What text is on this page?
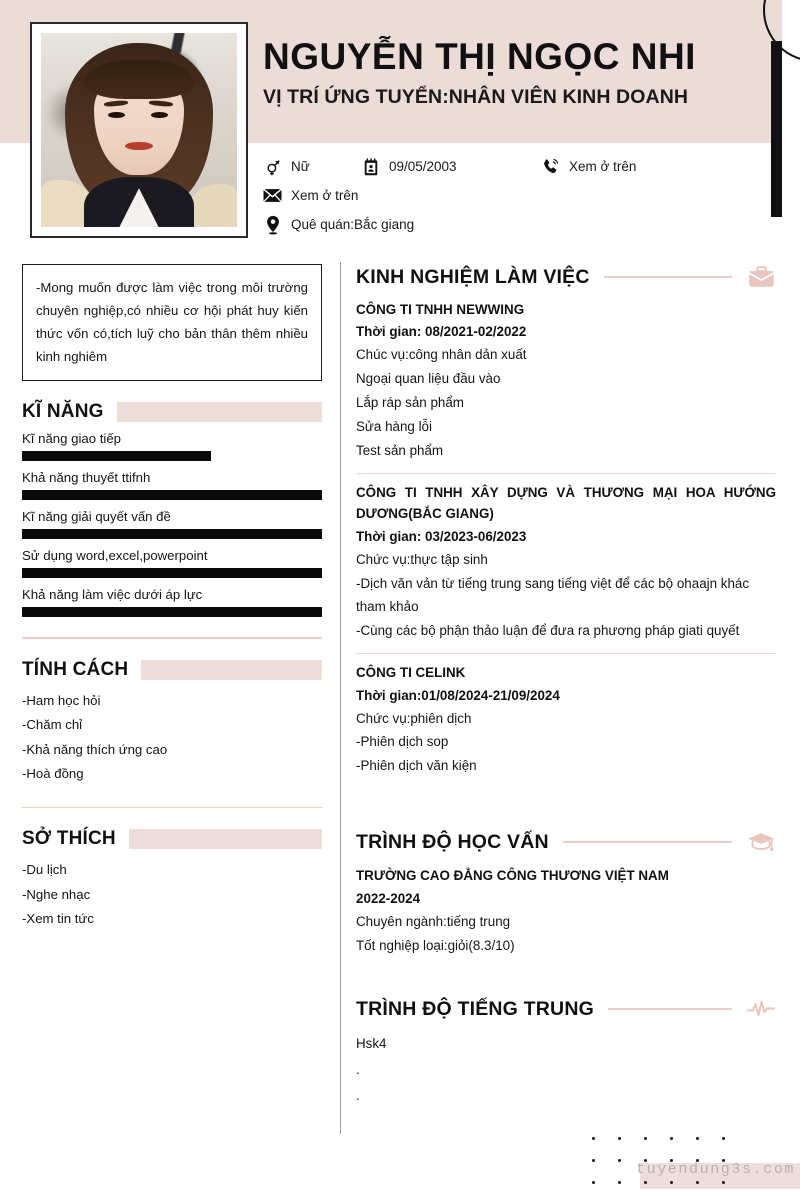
NGUYỄN THỊ NGỌC NHI
VỊ TRÍ ỨNG TUYỂN:NHÂN VIÊN KINH DOANH
Nữ	09/05/2003	Xem ở trên
Xem ở trên
Quê quán:Bắc giang
-Mong muốn được làm việc trong môi trường chuyên nghiệp,có nhiều cơ hội phát huy kiến thức vốn có,tích luỹ cho bản thân thêm nhiều kinh nghiêm
KĨ NĂNG
Kĩ năng giao tiếp
Khả năng thuyết ttifnh
Kĩ năng giải quyết vấn đề
Sử dụng word,excel,powerpoint
Khả năng làm việc dưới áp lực
TÍNH CÁCH
-Ham học hỏi
-Chăm chỉ
-Khả năng thích ứng cao
-Hoà đồng
SỞ THÍCH
-Du lịch
-Nghe nhạc
-Xem tin tức
KINH NGHIỆM LÀM VIỆC
CÔNG TI TNHH NEWWING
Thời gian: 08/2021-02/2022
Chúc vụ:công nhân dản xuất
Ngoại quan liệu đầu vào
Lắp ráp sản phẩm
Sửa hàng lỗi
Test sản phẩm
CÔNG TI TNHH XÂY DỰNG VÀ THƯƠNG MẠI HOA HƯỚNG DƯƠNG(BẮC GIANG)
Thời gian: 03/2023-06/2023
Chức vụ:thực tập sinh
-Dịch văn vản từ tiếng trung sang tiếng việt để các bộ ohaajn khác tham khảo
-Cùng các bộ phận thảo luận để đưa ra phương pháp giati quyết
CÔNG TI CELINK
Thời gian:01/08/2024-21/09/2024
Chức vụ:phiên dịch
-Phiên dịch sop
-Phiên dịch văn kiện
TRÌNH ĐỘ HỌC VẤN
TRƯỜNG CAO ĐẲNG CÔNG THƯƠNG VIỆT NAM
2022-2024
Chuyên ngành:tiếng trung
Tốt nghiệp loại:giỏi(8.3/10)
TRÌNH ĐỘ TIẾNG TRUNG
Hsk4
.
.
tuyendung3s.com
